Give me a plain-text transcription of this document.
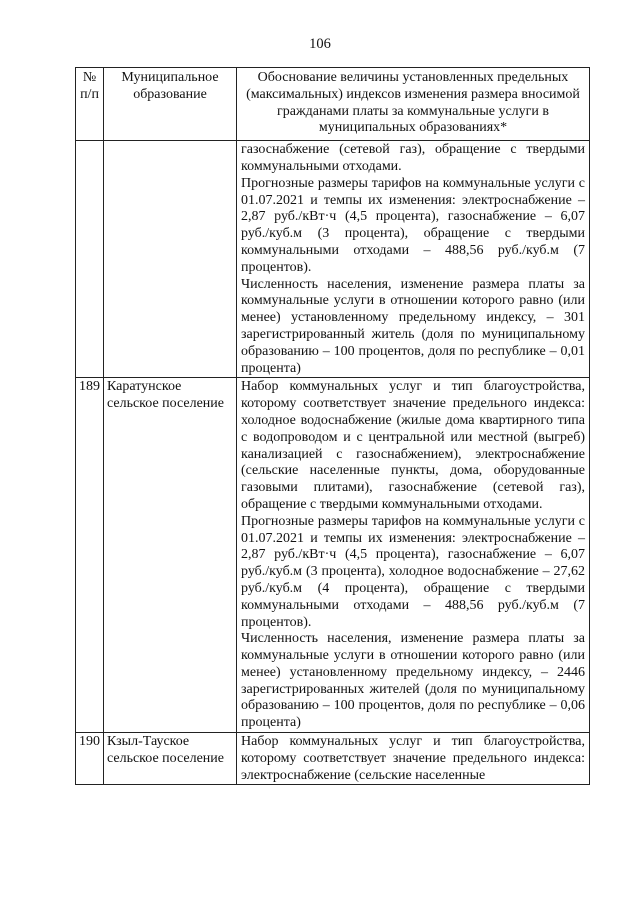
106
№ п/п	Муниципальное образование	Обоснование величины установленных предельных (максимальных) индексов изменения размера вносимой гражданами платы за коммунальные услуги в муниципальных образованиях*

		газоснабжение (сетевой газ), обращение с твердыми коммунальными отходами.

Прогнозные размеры тарифов на коммунальные услуги с 01.07.2021 и темпы их изменения: электроснабжение – 2,87 руб./кВт·ч (4,5 процента), газоснабжение – 6,07 руб./куб.м (3 процента), обращение с твердыми коммунальными отходами – 488,56 руб./куб.м (7 процентов).

Численность населения, изменение размера платы за коммунальные услуги в отношении которого равно (или менее) установленному предельному индексу, – 301 зарегистрированный житель (доля по муниципальному образованию – 100 процентов, доля по республике – 0,01 процента)

189	Каратунское сельское поселение	Набор коммунальных услуг и тип благоустройства, которому соответствует значение предельного индекса: холодное водоснабжение (жилые дома квартирного типа с водопроводом и с центральной или местной (выгреб) канализацией с газоснабжением), электроснабжение (сельские населенные пункты, дома, оборудованные газовыми плитами), газоснабжение (сетевой газ), обращение с твердыми коммунальными отходами.

Прогнозные размеры тарифов на коммунальные услуги с 01.07.2021 и темпы их изменения: электроснабжение – 2,87 руб./кВт·ч (4,5 процента), газоснабжение – 6,07 руб./куб.м (3 процента), холодное водоснабжение – 27,62 руб./куб.м (4 процента), обращение с твердыми коммунальными отходами – 488,56 руб./куб.м (7 процентов).

Численность населения, изменение размера платы за коммунальные услуги в отношении которого равно (или менее) установленному предельному индексу, – 2446 зарегистрированных жителей (доля по муниципальному образованию – 100 процентов, доля по республике – 0,06 процента)

190	Кзыл-Тауское сельское поселение	Набор коммунальных услуг и тип благоустройства, которому соответствует значение предельного индекса: электроснабжение (сельские населенные
